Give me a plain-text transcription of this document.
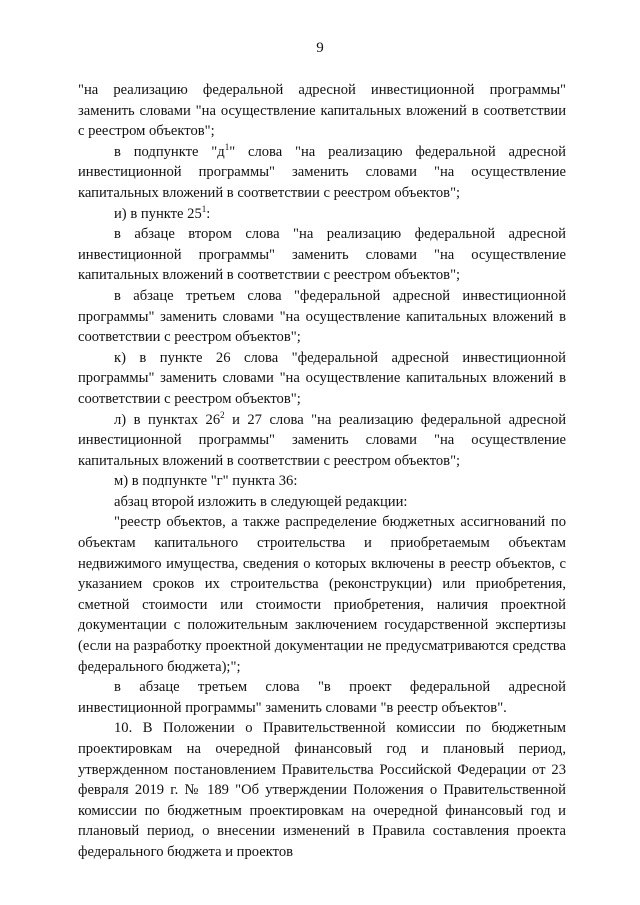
9

"на реализацию федеральной адресной инвестиционной программы" заменить словами "на осуществление капитальных вложений в соответствии с реестром объектов";

в подпункте "$д^1$" слова "на реализацию федеральной адресной инвестиционной программы" заменить словами "на осуществление капитальных вложений в соответствии с реестром объектов";

и) в пункте $25^1$:

в абзаце втором слова "на реализацию федеральной адресной инвестиционной программы" заменить словами "на осуществление капитальных вложений в соответствии с реестром объектов";

в абзаце третьем слова "федеральной адресной инвестиционной программы" заменить словами "на осуществление капитальных вложений в соответствии с реестром объектов";

к) в пункте 26 слова "федеральной адресной инвестиционной программы" заменить словами "на осуществление капитальных вложений в соответствии с реестром объектов";

л) в пунктах $26^2$ и 27 слова "на реализацию федеральной адресной инвестиционной программы" заменить словами "на осуществление капитальных вложений в соответствии с реестром объектов";

м) в подпункте "г" пункта 36:

абзац второй изложить в следующей редакции:

"реестр объектов, а также распределение бюджетных ассигнований по объектам капитального строительства и приобретаемым объектам недвижимого имущества, сведения о которых включены в реестр объектов, с указанием сроков их строительства (реконструкции) или приобретения, сметной стоимости или стоимости приобретения, наличия проектной документации с положительным заключением государственной экспертизы (если на разработку проектной документации не предусматриваются средства федерального бюджета);";

в абзаце третьем слова "в проект федеральной адресной инвестиционной программы" заменить словами "в реестр объектов".

10. В Положении о Правительственной комиссии по бюджетным проектировкам на очередной финансовый год и плановый период, утвержденном постановлением Правительства Российской Федерации от 23 февраля 2019 г. № 189 "Об утверждении Положения о Правительственной комиссии по бюджетным проектировкам на очередной финансовый год и плановый период, о внесении изменений в Правила составления проекта федерального бюджета и проектов
